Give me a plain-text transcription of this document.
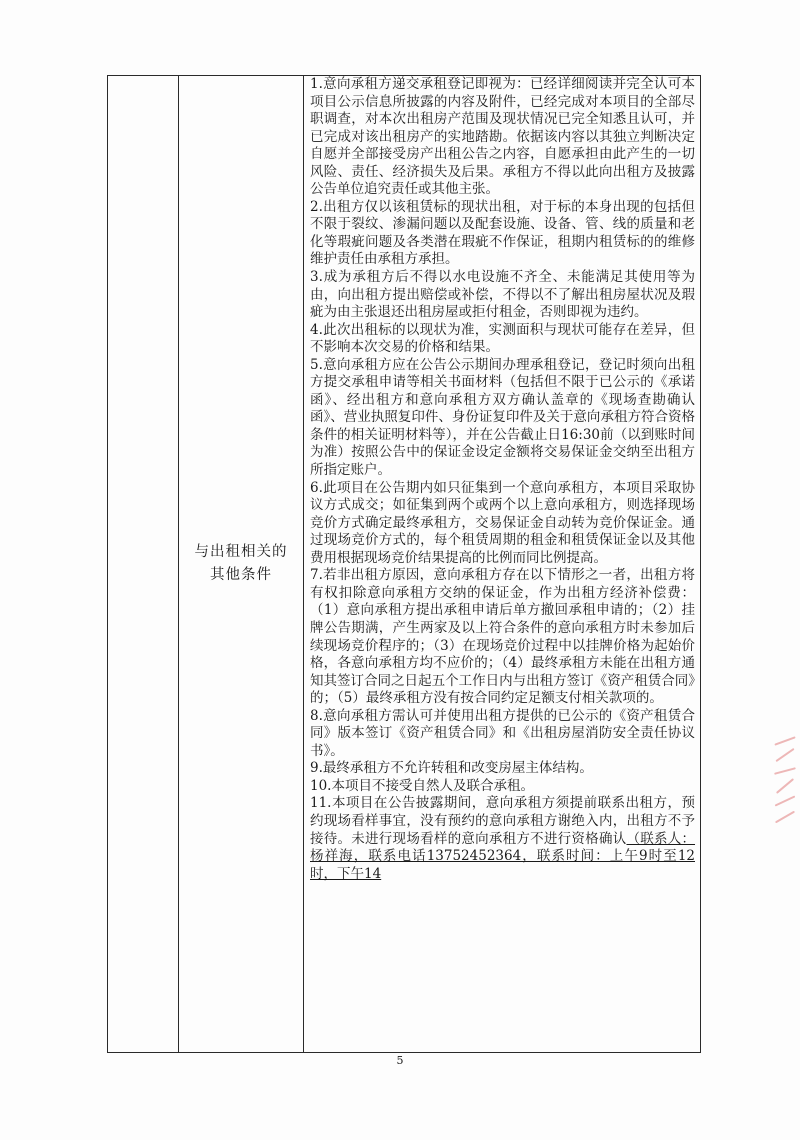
与出租相关的
其他条件

1.意向承租方递交承租登记即视为：已经详细阅读并完全认可本项目公示信息所披露的内容及附件，已经完成对本项目的全部尽职调查，对本次出租房产范围及现状情况已完全知悉且认可，并已完成对该出租房产的实地踏勘。依据该内容以其独立判断决定自愿并全部接受房产出租公告之内容，自愿承担由此产生的一切风险、责任、经济损失及后果。承租方不得以此向出租方及披露公告单位追究责任或其他主张。

2.出租方仅以该租赁标的现状出租，对于标的本身出现的包括但不限于裂纹、渗漏问题以及配套设施、设备、管、线的质量和老化等瑕疵问题及各类潜在瑕疵不作保证，租期内租赁标的的维修维护责任由承租方承担。

3.成为承租方后不得以水电设施不齐全、未能满足其使用等为由，向出租方提出赔偿或补偿，不得以不了解出租房屋状况及瑕疵为由主张退还出租房屋或拒付租金，否则即视为违约。

4.此次出租标的以现状为准，实测面积与现状可能存在差异，但不影响本次交易的价格和结果。

5.意向承租方应在公告公示期间办理承租登记，登记时须向出租方提交承租申请等相关书面材料（包括但不限于已公示的《承诺函》、经出租方和意向承租方双方确认盖章的《现场查勘确认函》、营业执照复印件、身份证复印件及关于意向承租方符合资格条件的相关证明材料等），并在公告截止日16:30前（以到账时间为准）按照公告中的保证金设定金额将交易保证金交纳至出租方所指定账户。

6.此项目在公告期内如只征集到一个意向承租方，本项目采取协议方式成交；如征集到两个或两个以上意向承租方，则选择现场竞价方式确定最终承租方，交易保证金自动转为竞价保证金。通过现场竞价方式的，每个租赁周期的租金和租赁保证金以及其他费用根据现场竞价结果提高的比例而同比例提高。

7.若非出租方原因，意向承租方存在以下情形之一者，出租方将有权扣除意向承租方交纳的保证金，作为出租方经济补偿费：（1）意向承租方提出承租申请后单方撤回承租申请的；（2）挂牌公告期满，产生两家及以上符合条件的意向承租方时未参加后续现场竞价程序的；（3）在现场竞价过程中以挂牌价格为起始价格，各意向承租方均不应价的；（4）最终承租方未能在出租方通知其签订合同之日起五个工作日内与出租方签订《资产租赁合同》的；（5）最终承租方没有按合同约定足额支付相关款项的。

8.意向承租方需认可并使用出租方提供的已公示的《资产租赁合同》版本签订《资产租赁合同》和《出租房屋消防安全责任协议书》。

9.最终承租方不允许转租和改变房屋主体结构。

10.本项目不接受自然人及联合承租。

11.本项目在公告披露期间，意向承租方须提前联系出租方，预约现场看样事宜，没有预约的意向承租方谢绝入内，出租方不予接待。未进行现场看样的意向承租方不进行资格确认（联系人：杨祥海，联系电话13752452364，联系时间：上午9时至12时，下午14

5
